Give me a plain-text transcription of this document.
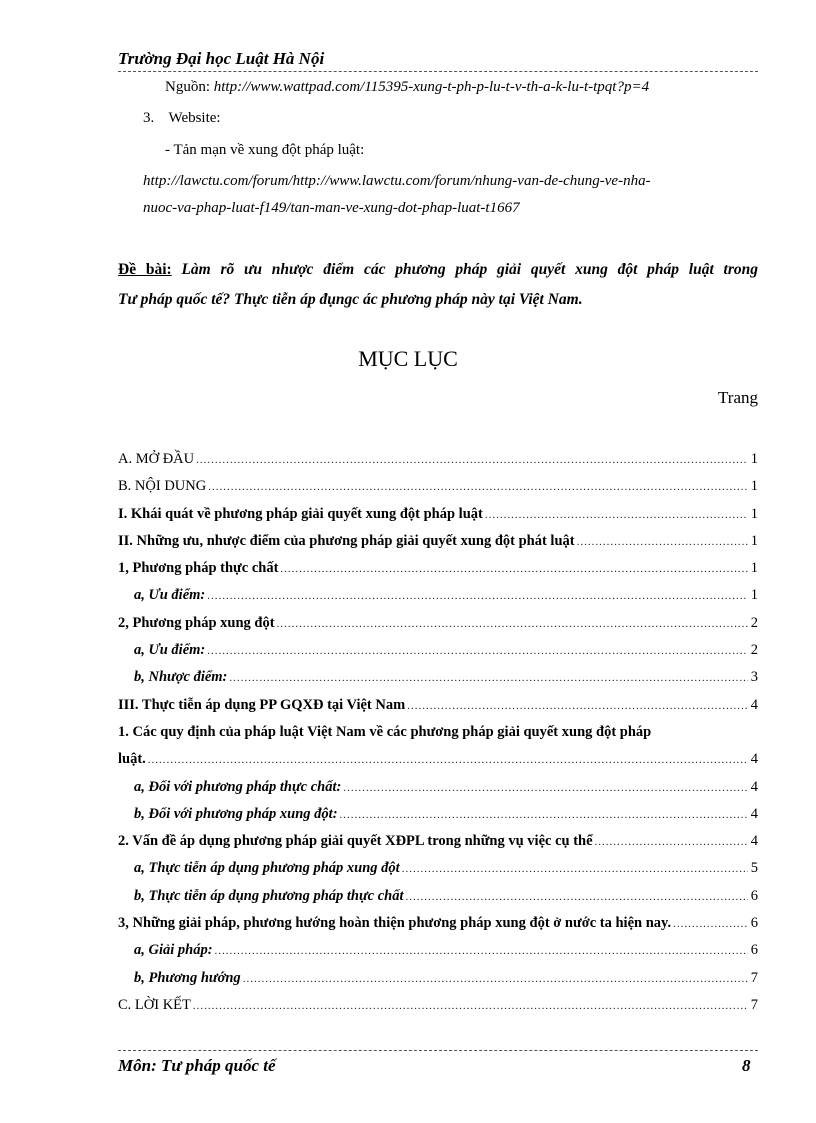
Trường Đại học Luật Hà Nội
Nguồn: http://www.wattpad.com/115395-xung-t-ph-p-lu-t-v-th-a-k-lu-t-tpqt?p=4
3. Website:
- Tản mạn về xung đột pháp luật:
http://lawctu.com/forum/http://www.lawctu.com/forum/nhung-van-de-chung-ve-nha-
nuoc-va-phap-luat-f149/tan-man-ve-xung-dot-phap-luat-t1667
Đề bài: Làm rõ ưu nhược điểm các phương pháp giải quyết xung đột pháp luật trong
Tư pháp quốc tế? Thực tiễn áp đụngc ác phương pháp này tại Việt Nam.
MỤC LỤC
Trang
A. MỞ ĐẦU .....	1
B. NỘI DUNG .....	1
I. Khái quát về phương pháp giải quyết xung đột pháp luật .....	1
II. Những ưu, nhược điểm của phương pháp giải quyết xung đột phát luật .....	1
1, Phương pháp thực chất .....	1
a, Ưu điểm: .....	1
2, Phương pháp xung đột .....	2
a, Ưu điểm: .....	2
b, Nhược điểm: .....	3
III. Thực tiễn áp dụng PP GQXĐ tại Việt Nam .....	4
1. Các quy định của pháp luật Việt Nam về các phương pháp giải quyết xung đột pháp
luật. .....	4
a, Đối với phương pháp thực chất: .....	4
b, Đối với phương pháp xung đột: .....	4
2. Vấn đề áp dụng phương pháp giải quyết XĐPL trong những vụ việc cụ thể .....	4
a, Thực tiễn áp dụng phương pháp xung đột .....	5
b, Thực tiễn áp dụng phương pháp thực chất .....	6
3, Những giải pháp, phương hướng hoàn thiện phương pháp xung đột ở nước ta hiện nay. .....	6
a, Giải pháp: .....	6
b, Phương hướng .....	7
C. LỜI KẾT .....	7
Môn: Tư pháp quốc tế	8
